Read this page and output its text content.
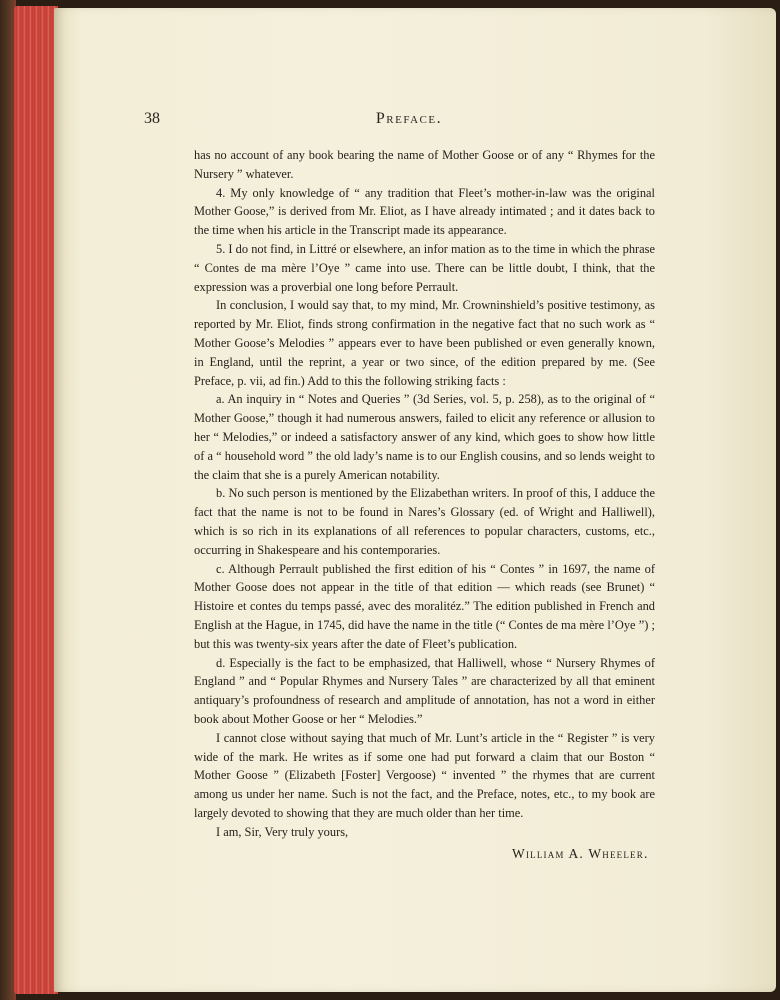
38	Preface.

has no account of any book bearing the name of Mother Goose or of any “ Rhymes for the Nursery ” whatever.

4. My only knowledge of “ any tradition that Fleet’s mother-in-law was the original Mother Goose,” is derived from Mr. Eliot, as I have already intimated ; and it dates back to the time when his article in the Transcript made its appearance.

5. I do not find, in Littré or elsewhere, an infor mation as to the time in which the phrase “ Contes de ma mère l’Oye ” came into use. There can be little doubt, I think, that the expression was a proverbial one long before Perrault.

In conclusion, I would say that, to my mind, Mr. Crowninshield’s positive testimony, as reported by Mr. Eliot, finds strong confirmation in the negative fact that no such work as “ Mother Goose’s Melodies ” appears ever to have been published or even generally known, in England, until the reprint, a year or two since, of the edition prepared by me. (See Preface, p. vii, ad fin.) Add to this the following striking facts :

a. An inquiry in “ Notes and Queries ” (3d Series, vol. 5, p. 258), as to the original of “ Mother Goose,” though it had numerous answers, failed to elicit any reference or allusion to her “ Melodies,” or indeed a satisfactory answer of any kind, which goes to show how little of a “ household word ” the old lady’s name is to our English cousins, and so lends weight to the claim that she is a purely American notability.

b. No such person is mentioned by the Elizabethan writers. In proof of this, I adduce the fact that the name is not to be found in Nares’s Glossary (ed. of Wright and Halliwell), which is so rich in its explanations of all references to popular characters, customs, etc., occurring in Shakespeare and his contemporaries.

c. Although Perrault published the first edition of his “ Contes ” in 1697, the name of Mother Goose does not appear in the title of that edition — which reads (see Brunet) “ Histoire et contes du temps passé, avec des moralitéz.” The edition published in French and English at the Hague, in 1745, did have the name in the title (“ Contes de ma mère l’Oye ”) ; but this was twenty-six years after the date of Fleet’s publication.

d. Especially is the fact to be emphasized, that Halliwell, whose “ Nursery Rhymes of England ” and “ Popular Rhymes and Nursery Tales ” are characterized by all that eminent antiquary’s profoundness of research and amplitude of annotation, has not a word in either book about Mother Goose or her “ Melodies.”

I cannot close without saying that much of Mr. Lunt’s article in the “ Register ” is very wide of the mark. He writes as if some one had put forward a claim that our Boston “ Mother Goose ” (Elizabeth [Foster] Vergoose) “ invented ” the rhymes that are current among us under her name. Such is not the fact, and the Preface, notes, etc., to my book are largely devoted to showing that they are much older than her time.

I am, Sir, Very truly yours,

William A. Wheeler.
